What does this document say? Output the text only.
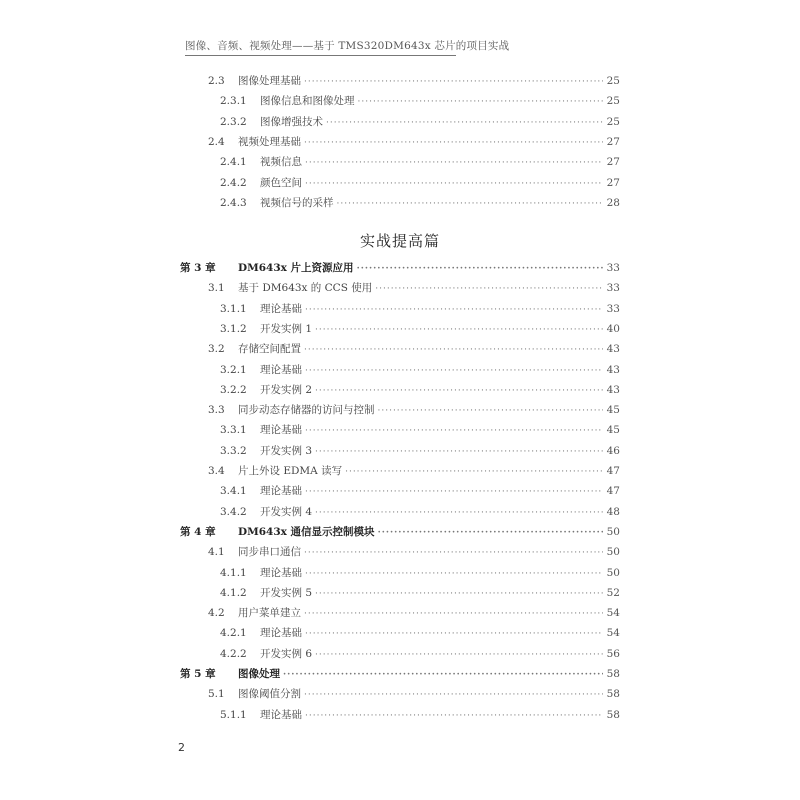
图像、音频、视频处理——基于 TMS320DM643x 芯片的项目实战
2.3	图像处理基础 ·····	25
2.3.1	图像信息和图像处理 ·····	25
2.3.2	图像增强技术 ·····	25
2.4	视频处理基础 ·····	27
2.4.1	视频信息 ·····	27
2.4.2	颜色空间 ·····	27
2.4.3	视频信号的采样 ·····	28
第 3 章	DM643x 片上资源应用 ·····	33
3.1	基于 DM643x 的 CCS 使用 ·····	33
3.1.1	理论基础 ·····	33
3.1.2	开发实例 1 ·····	40
3.2	存储空间配置 ·····	43
3.2.1	理论基础 ·····	43
3.2.2	开发实例 2 ·····	43
3.3	同步动态存储器的访问与控制 ·····	45
3.3.1	理论基础 ·····	45
3.3.2	开发实例 3 ·····	46
3.4	片上外设 EDMA 读写 ·····	47
3.4.1	理论基础 ·····	47
3.4.2	开发实例 4 ·····	48
第 4 章	DM643x 通信显示控制模块 ·····	50
4.1	同步串口通信 ·····	50
4.1.1	理论基础 ·····	50
4.1.2	开发实例 5 ·····	52
4.2	用户菜单建立 ·····	54
4.2.1	理论基础 ·····	54
4.2.2	开发实例 6 ·····	56
第 5 章	图像处理 ·····	58
5.1	图像阈值分割 ·····	58
5.1.1	理论基础 ·····	58
实战提高篇
2
